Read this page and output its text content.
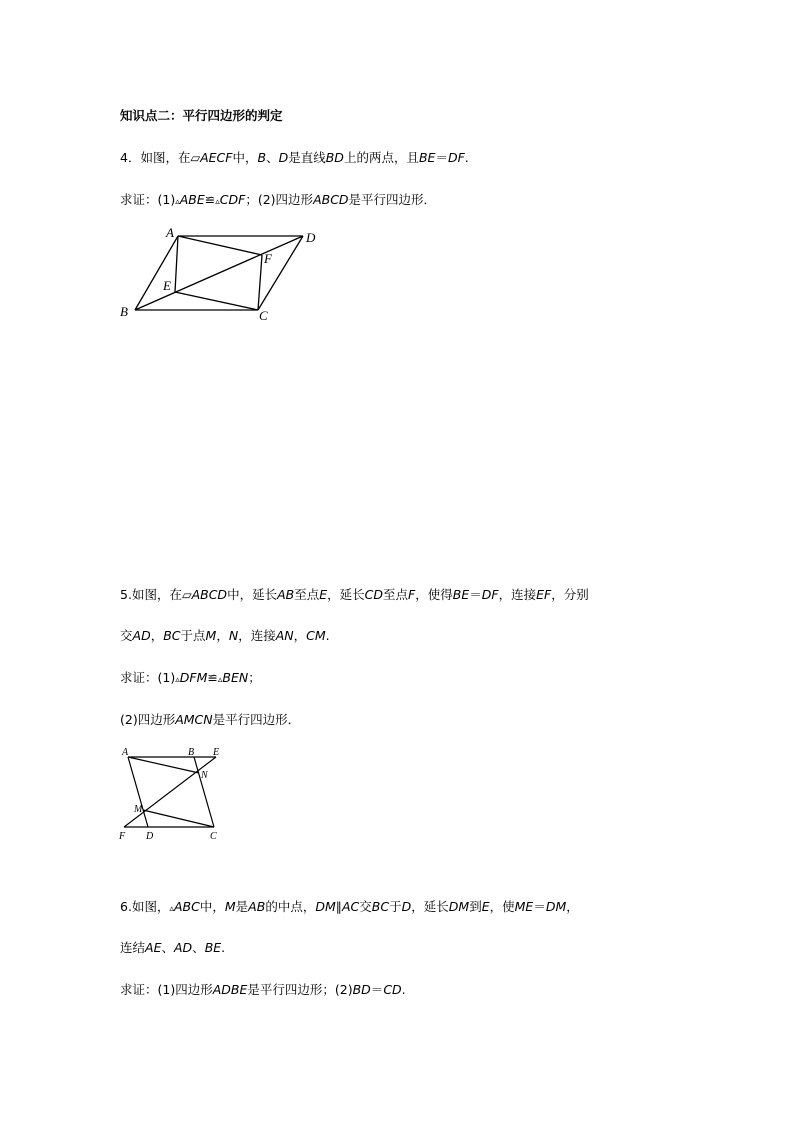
知识点二：平行四边形的判定
4．如图，在▱AECF中，B、D是直线BD上的两点，且BE＝DF.
求证：(1)▵ABE≌▵CDF；(2)四边形ABCD是平行四边形．
A	D
F
E
B	C
5.如图，在▱ABCD中，延长AB至点E，延长CD至点F，使得BE＝DF，连接EF，分别
交AD，BC于点M，N，连接AN，CM.
求证：(1)▵DFM≌▵BEN；
(2)四边形AMCN是平行四边形．
A	B E
N
M
F D	C
6.如图，▵ABC中，M是AB的中点，DM∥AC交BC于D，延长DM到E，使ME＝DM，
连结AE、AD、BE.
求证：(1)四边形ADBE是平行四边形；(2)BD＝CD.
